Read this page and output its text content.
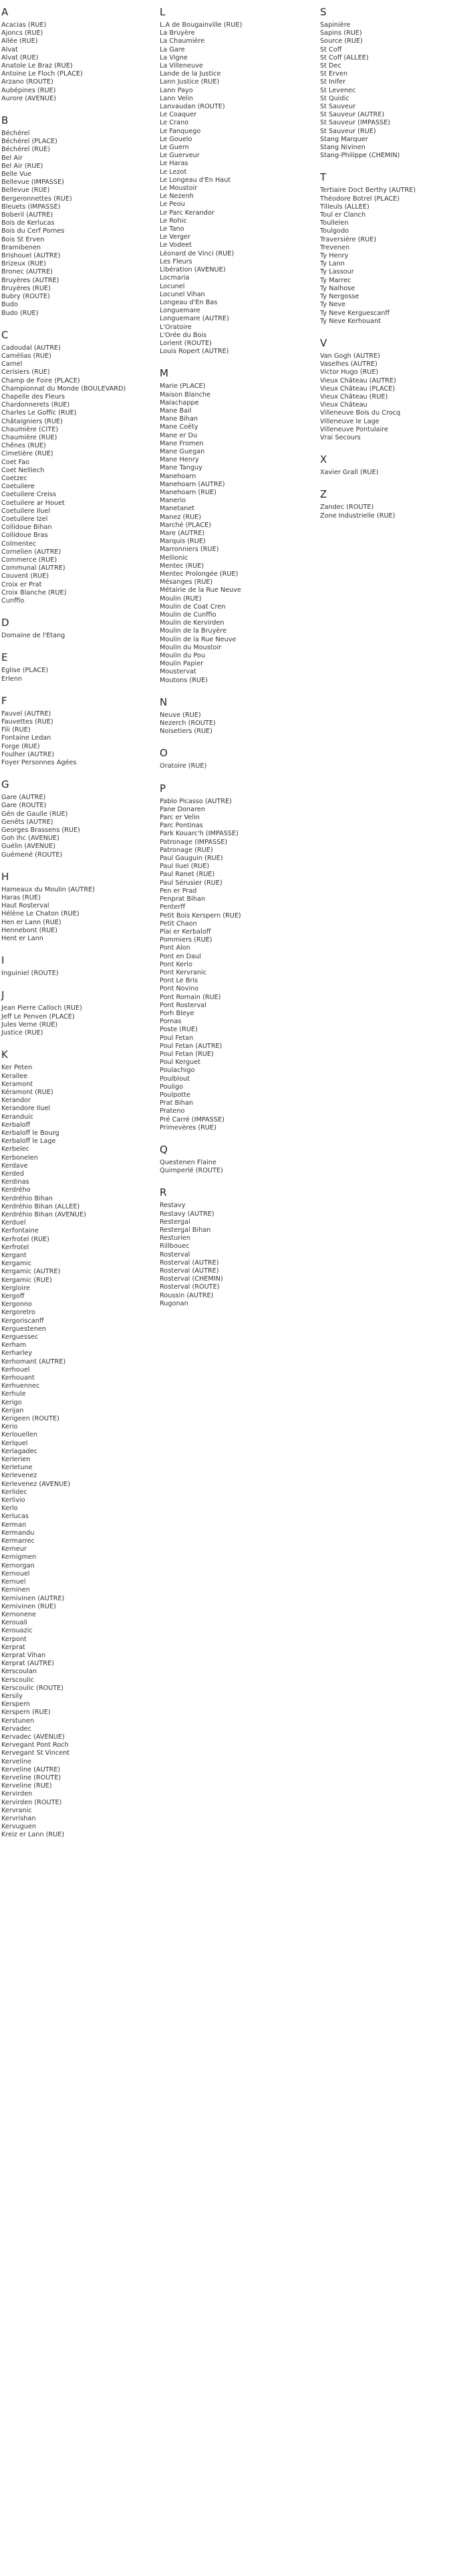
A
Acacias (RUE)
Ajoncs (RUE)
Allée (RUE)
Alvat
Alvat (RUE)
Anatole Le Braz (RUE)
Antoine Le Floch (PLACE)
Arzano (ROUTE)
Aubépines (RUE)
Aurore (AVENUE)
B
Béchérel
Béchérel (PLACE)
Béchérel (RUE)
Bel Air
Bel Air (RUE)
Belle Vue
Bellevue (IMPASSE)
Bellevue (RUE)
Bergeronnettes (RUE)
Bleuets (IMPASSE)
Boberil (AUTRE)
Bois de Kerlucas
Bois du Cerf Pornes
Bois St Erven
Bramibenen
Brishouel (AUTRE)
Brizeux (RUE)
Bronec (AUTRE)
Bruyères (AUTRE)
Bruyères (RUE)
Bubry (ROUTE)
Budo
Budo (RUE)
C
Cadoudal (AUTRE)
Camélias (RUE)
Carnel
Cerisiers (RUE)
Champ de Foire (PLACE)
Championnat du Monde (BOULEVARD)
Chapelle des Fleurs
Chardonnerets (RUE)
Charles Le Goffic (RUE)
Châtaigniers (RUE)
Chaumière (CITE)
Chaumière (RUE)
Chênes (RUE)
Cimetière (RUE)
Coet Fao
Coet Nelliech
Coetzec
Coetuilere
Coetuilere Creiss
Coetuilere ar Houet
Coetuilere Iluel
Coetuilere Izel
Collidoue Bihan
Collidoue Bras
Colmentec
Cornelien (AUTRE)
Commerce (RUE)
Communal (AUTRE)
Couvent (RUE)
Croix er Prat
Croix Blanche (RUE)
Cunffio
D
Domaine de l'Etang
E
Eglise (PLACE)
Erlenn
F
Fauvel (AUTRE)
Fauvettes (RUE)
Fili (RUE)
Fontaine Ledan
Forge (RUE)
Foulher (AUTRE)
Foyer Personnes Agées
G
Gare (AUTRE)
Gare (ROUTE)
Gén de Gaulle (RUE)
Genêts (AUTRE)
Georges Brassens (RUE)
Goh Ihc (AVENUE)
Guélin (AVENUE)
Guémené (ROUTE)
H
Hameaux du Moulin (AUTRE)
Haras (RUE)
Haut Rosterval
Hélène Le Chaton (RUE)
Hen er Lann (RUE)
Hennebont (RUE)
Hent er Lann
I
Inguiniel (ROUTE)
J
Jean Pierre Calloch (RUE)
Jeff Le Penven (PLACE)
Jules Verne (RUE)
Justice (RUE)
K
Ker Peten
Kerallee
Keramont
Kéramont (RUE)
Kerandor
Kerandore Iluel
Keranduic
Kerbaloff
Kerbaloff le Bourg
Kerbaloff le Lage
Kerbelec
Kerbonelen
Kerdave
Kerded
Kerdinas
Kerdrého
Kerdréhio Bihan
Kerdréhio Bihan (ALLEE)
Kerdréhio Bihan (AVENUE)
Kerduel
Kerfontaine
Kerfrotel (RUE)
Kerfrotel
Kergant
Kergamic
Kergamic (AUTRE)
Kergamic (RUE)
Kergloire
Kergoff
Kergonno
Kergoretro
Kergoriscanff
Kerguestenen
Kerguessec
Kerham
Kerharley
Kerhomant (AUTRE)
Kerhouel
Kerhouant
Kerhuennec
Kerhule
Kerigo
Kerijan
Kerigeen (ROUTE)
Kerio
Kerlouellen
Kerlquel
Kerlagadec
Kerlerien
Kerletune
Kerlevenez
Kerlevenez (AVENUE)
Kerlidec
Kerlivio
Kerlo
Kerlucas
Kerman
Kermandu
Kermarrec
Kerneur
Kernigmen
Kernorgan
Kernouel
Kernuel
Kerninen
Kernivinen (AUTRE)
Kernivinen (RUE)
Kernonene
Kerouali
Kerouazic
Kerpont
Kerprat
Kerprat Vihan
Kerprat (AUTRE)
Kerscoulan
Kerscoulic
Kerscoulic (ROUTE)
Kersily
Kerspern
Kerspern (RUE)
Kerstunen
Kervadec
Kervadec (AVENUE)
Kervegant Pont Roch
Kervegant St Vincent
Kerveline
Kerveline (AUTRE)
Kerveline (ROUTE)
Kerveline (RUE)
Kervirden
Kervirden (ROUTE)
Kervranic
Kervrishan
Kervuguen
Kreiz er Lann (RUE)
L
L.A de Bougainville (RUE)
La Bruyère
La Chaumière
La Gare
La Vigne
La Villeneuve
Lande de la Justice
Lann Justice (RUE)
Lann Payo
Lann Velin
Lanvaudan (ROUTE)
Le Coaquer
Le Crano
Le Fanquego
Le Gouelo
Le Guern
Le Guerveur
Le Haras
Le Lezot
Le Longeau d'En Haut
Le Moustoir
Le Nezenh
Le Peou
Le Parc Kerandor
Le Rohic
Le Tano
Le Verger
Le Vodeet
Léonard de Vinci (RUE)
Les Fleurs
Libération (AVENUE)
Locmaria
Locunel
Locunel Vihan
Longeau d'En Bas
Longuemare
Longuemare (AUTRE)
L'Oratoire
L'Orée du Bois
Lorient (ROUTE)
Louis Ropert (AUTRE)
M
Marie (PLACE)
Maison Blanche
Malachappe
Mane Bail
Mane Bihan
Mane Coëty
Mane er Du
Mane Fromen
Mane Guegan
Mane Henry
Mane Tanguy
Manehoarn
Manehoarn (AUTRE)
Manehoarn (RUE)
Manerio
Manetanet
Manez (RUE)
Marché (PLACE)
Mare (AUTRE)
Marquis (RUE)
Marronniers (RUE)
Mellionic
Mentec (RUE)
Mentec Prolongée (RUE)
Mésanges (RUE)
Métairie de la Rue Neuve
Moulin (RUE)
Moulin de Coat Cren
Moulin de Cunffio
Moulin de Kervirden
Moulin de la Bruyère
Moulin de la Rue Neuve
Moulin du Moustoir
Moulin du Pou
Moulin Papier
Moustervat
Moutons (RUE)
N
Neuve (RUE)
Nezerch (ROUTE)
Noisetiers (RUE)
O
Oratoire (RUE)
P
Pablo Picasso (AUTRE)
Pane Donaren
Parc er Velin
Parc Pontinas
Park Kouarc'h (IMPASSE)
Patronage (IMPASSE)
Patronage (RUE)
Paul Gauguin (RUE)
Paul Iluel (RUE)
Paul Ranet (RUE)
Paul Sérusier (RUE)
Pen er Prad
Penprat Bihan
Penterff
Petit Bois Kerspern (RUE)
Petit Chaon
Plai er Kerbaloff
Pommiers (RUE)
Pont Alon
Pont en Daul
Pont Kerlo
Pont Kervranic
Pont Le Bris
Pont Novino
Pont Romain (RUE)
Pont Rosterval
Porh Bleye
Pornas
Poste (RUE)
Poul Fetan
Poul Fetan (AUTRE)
Poul Fetan (RUE)
Poul Kerguet
Poulachigo
Poulblout
Pouligo
Poulpotte
Prat Bihan
Prateno
Pré Carré (IMPASSE)
Primevères (RUE)
Q
Questenen Flaine
Quimperlé (ROUTE)
R
Restavy
Restavy (AUTRE)
Restergal
Restergal Bihan
Resturien
Rillbouec
Rosterval
Rosterval (AUTRE)
Rosterval (AUTRE)
Rosterval (CHEMIN)
Rosterval (ROUTE)
Roussin (AUTRE)
Rugonan
S
Sapinière
Sapins (RUE)
Source (RUE)
St Coff
St Coff (ALLEE)
St Dec
St Erven
St Inifer
St Levenec
St Quidic
St Sauveur
St Sauveur (AUTRE)
St Sauveur (IMPASSE)
St Sauveur (RUE)
Stang Marquer
Stang Nivinen
Stang-Philippe (CHEMIN)
T
Tertiaire Doct Berthy (AUTRE)
Théodore Botrel (PLACE)
Tilleuls (ALLEE)
Toul er Clanch
Toullelen
Toulgodo
Traversière (RUE)
Trevenen
Ty Henry
Ty Lann
Ty Lassour
Ty Marrec
Ty Nalhose
Ty Nergosse
Ty Neve
Ty Neve Kerguescanff
Ty Neve Kerhouant
V
Van Gogh (AUTRE)
Vaselhes (AUTRE)
Victor Hugo (RUE)
Vieux Château (AUTRE)
Vieux Château (PLACE)
Vieux Château (RUE)
Vieux Château
Villeneuve Bois du Crocq
Villeneuve le Lage
Villeneuve Pontulaire
Vrai Secours
X
Xavier Grall (RUE)
Z
Zandec (ROUTE)
Zone Industrielle (RUE)
